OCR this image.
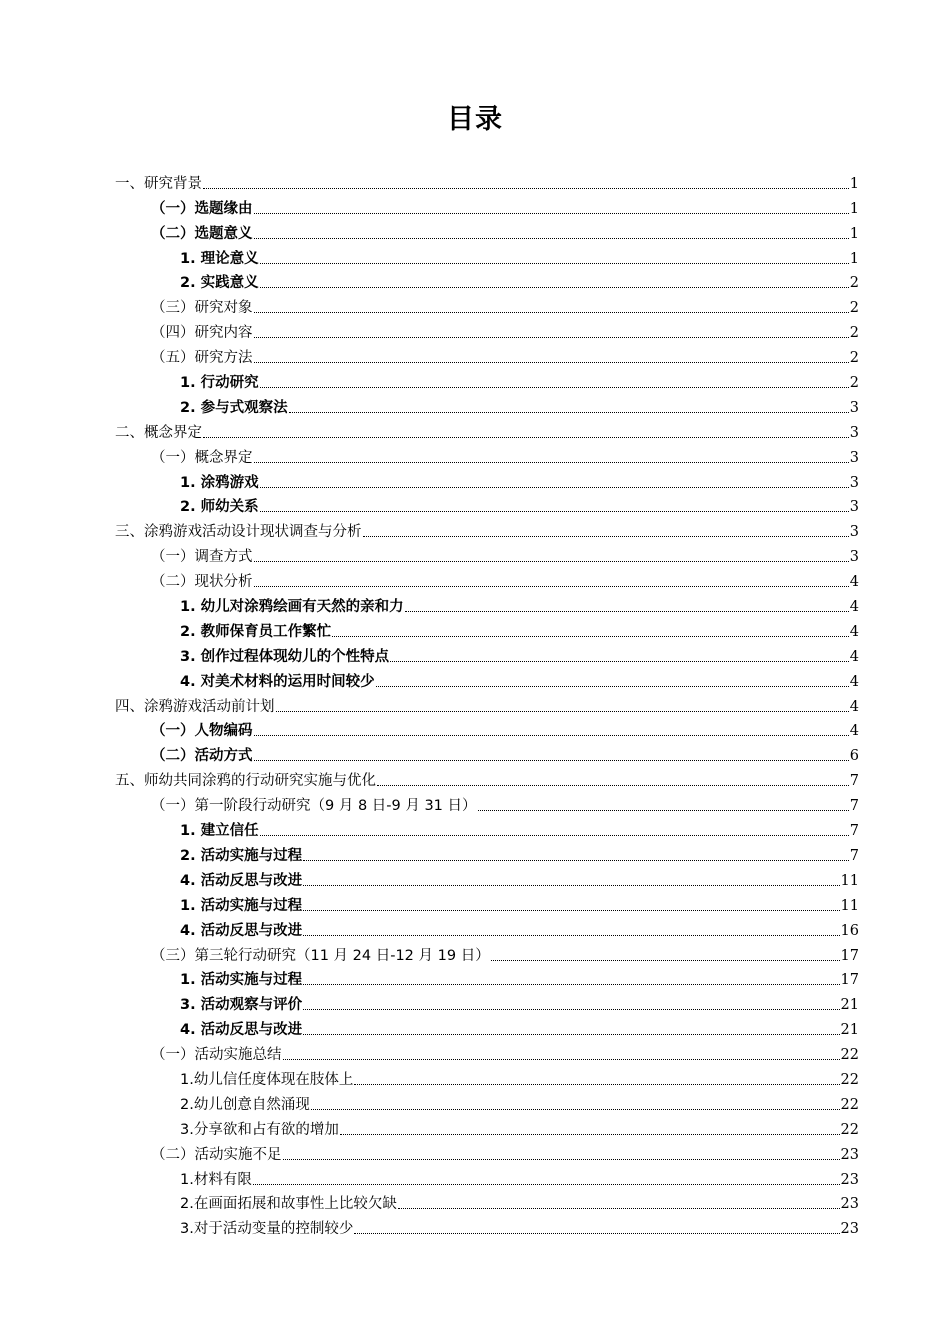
目录
一、研究背景	1
（一）选题缘由	1
（二）选题意义	1
1. 理论意义	1
2. 实践意义	2
（三）研究对象	2
（四）研究内容	2
（五）研究方法	2
1. 行动研究	2
2. 参与式观察法	3
二、概念界定	3
（一）概念界定	3
1. 涂鸦游戏	3
2. 师幼关系	3
三、涂鸦游戏活动设计现状调查与分析	3
（一）调查方式	3
（二）现状分析	4
1. 幼儿对涂鸦绘画有天然的亲和力	4
2. 教师保育员工作繁忙	4
3. 创作过程体现幼儿的个性特点	4
4. 对美术材料的运用时间较少	4
四、涂鸦游戏活动前计划	4
（一）人物编码	4
（二）活动方式	6
五、师幼共同涂鸦的行动研究实施与优化	7
（一）第一阶段行动研究（9 月 8 日-9 月 31 日）	7
1. 建立信任	7
2. 活动实施与过程	7
4. 活动反思与改进	11
1. 活动实施与过程	11
4. 活动反思与改进	16
（三）第三轮行动研究（11 月 24 日-12 月 19 日）	17
1. 活动实施与过程	17
3. 活动观察与评价	21
4. 活动反思与改进	21
（一）活动实施总结	22
1.幼儿信任度体现在肢体上	22
2.幼儿创意自然涌现	22
3.分享欲和占有欲的增加	22
（二）活动实施不足	23
1.材料有限	23
2.在画面拓展和故事性上比较欠缺	23
3.对于活动变量的控制较少	23
